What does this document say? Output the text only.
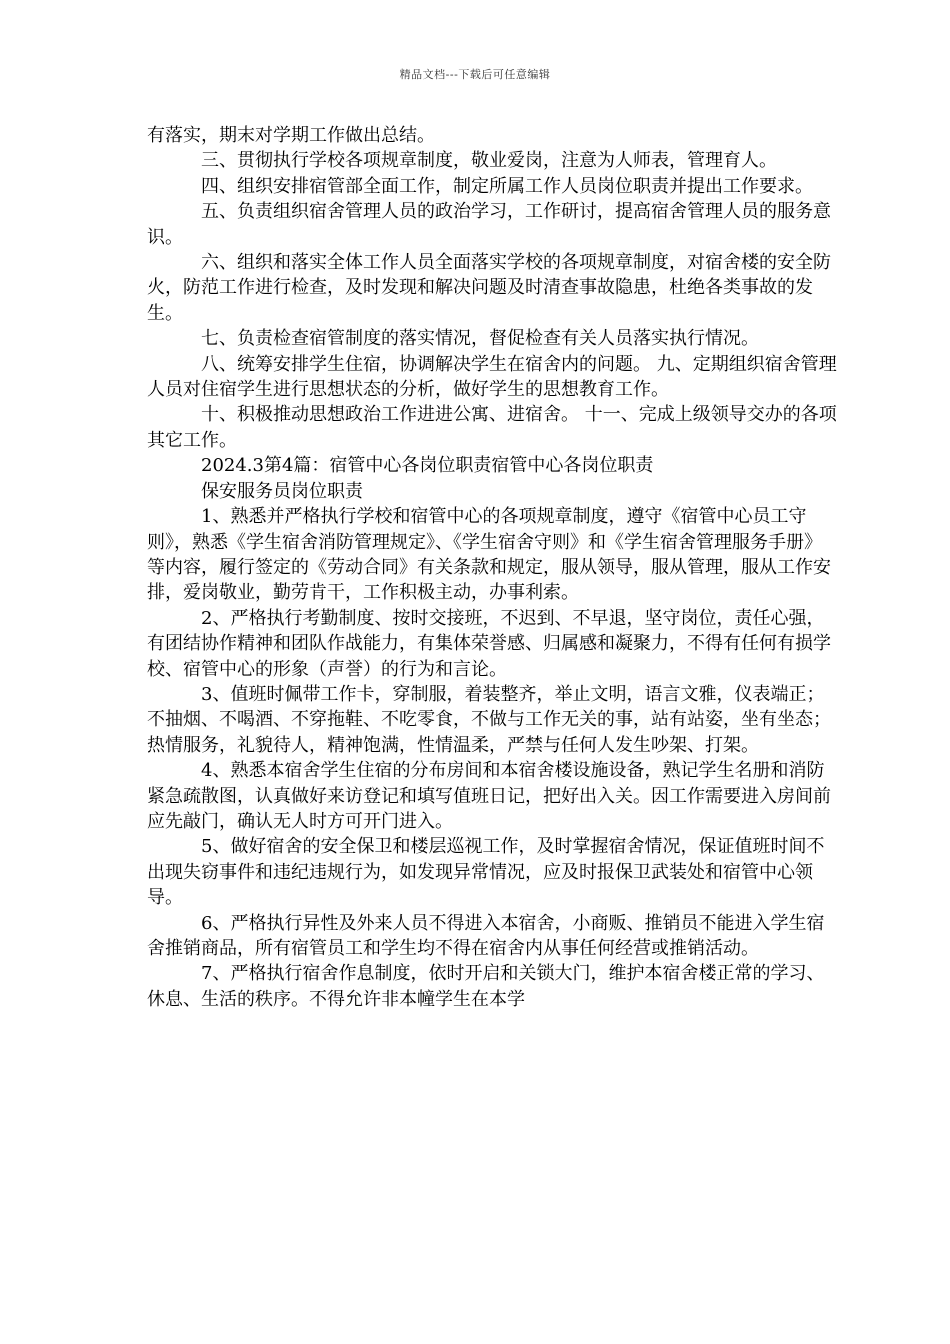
精品文档---下载后可任意编辑

有落实，期末对学期工作做出总结。

三、贯彻执行学校各项规章制度，敬业爱岗，注意为人师表，管理育人。

四、组织安排宿管部全面工作，制定所属工作人员岗位职责并提出工作要求。

五、负责组织宿舍管理人员的政治学习，工作研讨，提高宿舍管理人员的服务意识。

六、组织和落实全体工作人员全面落实学校的各项规章制度，对宿舍楼的安全防火，防范工作进行检查，及时发现和解决问题及时清查事故隐患，杜绝各类事故的发生。

七、负责检查宿管制度的落实情况，督促检查有关人员落实执行情况。

八、统筹安排学生住宿，协调解决学生在宿舍内的问题。 九、定期组织宿舍管理人员对住宿学生进行思想状态的分析，做好学生的思想教育工作。

十、积极推动思想政治工作进进公寓、进宿舍。 十一、完成上级领导交办的各项其它工作。

2024.3第4篇：宿管中心各岗位职责宿管中心各岗位职责

保安服务员岗位职责

1、熟悉并严格执行学校和宿管中心的各项规章制度，遵守《宿管中心员工守则》，熟悉《学生宿舍消防管理规定》、《学生宿舍守则》和《学生宿舍管理服务手册》等内容，履行签定的《劳动合同》有关条款和规定，服从领导，服从管理，服从工作安排，爱岗敬业，勤劳肯干，工作积极主动，办事利索。

2、严格执行考勤制度、按时交接班，不迟到、不早退，坚守岗位，责任心强，有团结协作精神和团队作战能力，有集体荣誉感、归属感和凝聚力，不得有任何有损学校、宿管中心的形象（声誉）的行为和言论。

3、值班时佩带工作卡，穿制服，着装整齐，举止文明，语言文雅，仪表端正；不抽烟、不喝酒、不穿拖鞋、不吃零食，不做与工作无关的事，站有站姿，坐有坐态；热情服务，礼貌待人，精神饱满，性情温柔，严禁与任何人发生吵架、打架。

4、熟悉本宿舍学生住宿的分布房间和本宿舍楼设施设备，熟记学生名册和消防紧急疏散图，认真做好来访登记和填写值班日记，把好出入关。因工作需要进入房间前应先敲门，确认无人时方可开门进入。

5、做好宿舍的安全保卫和楼层巡视工作，及时掌握宿舍情况，保证值班时间不出现失窃事件和违纪违规行为，如发现异常情况，应及时报保卫武装处和宿管中心领导。

6、严格执行异性及外来人员不得进入本宿舍，小商贩、推销员不能进入学生宿舍推销商品，所有宿管员工和学生均不得在宿舍内从事任何经营或推销活动。

7、严格执行宿舍作息制度，依时开启和关锁大门，维护本宿舍楼正常的学习、休息、生活的秩序。不得允许非本幢学生在本学
